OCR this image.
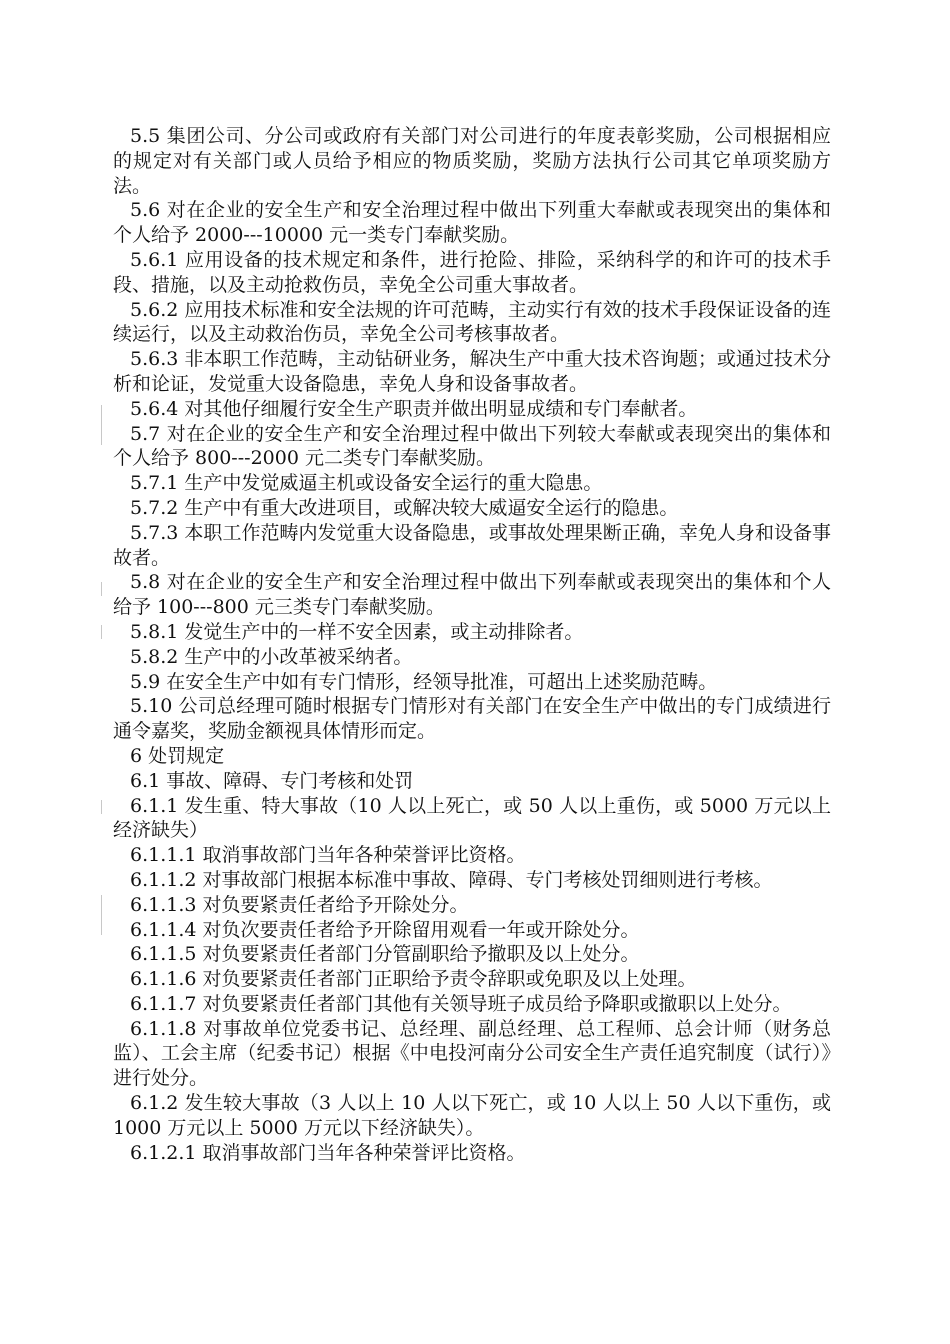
5.5 集团公司、分公司或政府有关部门对公司进行的年度表彰奖励，公司根据相应的规定对有关部门或人员给予相应的物质奖励，奖励方法执行公司其它单项奖励方法。

5.6 对在企业的安全生产和安全治理过程中做出下列重大奉献或表现突出的集体和个人给予 2000---10000 元一类专门奉献奖励。

5.6.1 应用设备的技术规定和条件，进行抢险、排险，采纳科学的和许可的技术手段、措施，以及主动抢救伤员，幸免全公司重大事故者。

5.6.2 应用技术标准和安全法规的许可范畴，主动实行有效的技术手段保证设备的连续运行，以及主动救治伤员，幸免全公司考核事故者。

5.6.3 非本职工作范畴，主动钻研业务，解决生产中重大技术咨询题；或通过技术分析和论证，发觉重大设备隐患，幸免人身和设备事故者。

5.6.4 对其他仔细履行安全生产职责并做出明显成绩和专门奉献者。

5.7 对在企业的安全生产和安全治理过程中做出下列较大奉献或表现突出的集体和个人给予 800---2000 元二类专门奉献奖励。

5.7.1 生产中发觉威逼主机或设备安全运行的重大隐患。

5.7.2 生产中有重大改进项目，或解决较大威逼安全运行的隐患。

5.7.3 本职工作范畴内发觉重大设备隐患，或事故处理果断正确，幸免人身和设备事故者。

5.8 对在企业的安全生产和安全治理过程中做出下列奉献或表现突出的集体和个人给予 100---800 元三类专门奉献奖励。

5.8.1 发觉生产中的一样不安全因素，或主动排除者。

5.8.2 生产中的小改革被采纳者。

5.9 在安全生产中如有专门情形，经领导批准，可超出上述奖励范畴。

5.10 公司总经理可随时根据专门情形对有关部门在安全生产中做出的专门成绩进行通令嘉奖，奖励金额视具体情形而定。

6 处罚规定

6.1 事故、障碍、专门考核和处罚

6.1.1 发生重、特大事故（10 人以上死亡，或 50 人以上重伤，或 5000 万元以上经济缺失）

6.1.1.1 取消事故部门当年各种荣誉评比资格。

6.1.1.2 对事故部门根据本标准中事故、障碍、专门考核处罚细则进行考核。

6.1.1.3 对负要紧责任者给予开除处分。

6.1.1.4 对负次要责任者给予开除留用观看一年或开除处分。

6.1.1.5 对负要紧责任者部门分管副职给予撤职及以上处分。

6.1.1.6 对负要紧责任者部门正职给予责令辞职或免职及以上处理。

6.1.1.7 对负要紧责任者部门其他有关领导班子成员给予降职或撤职以上处分。

6.1.1.8 对事故单位党委书记、总经理、副总经理、总工程师、总会计师（财务总监）、工会主席（纪委书记）根据《中电投河南分公司安全生产责任追究制度（试行）》进行处分。

6.1.2 发生较大事故（3 人以上 10 人以下死亡，或 10 人以上 50 人以下重伤，或 1000 万元以上 5000 万元以下经济缺失）。

6.1.2.1 取消事故部门当年各种荣誉评比资格。
